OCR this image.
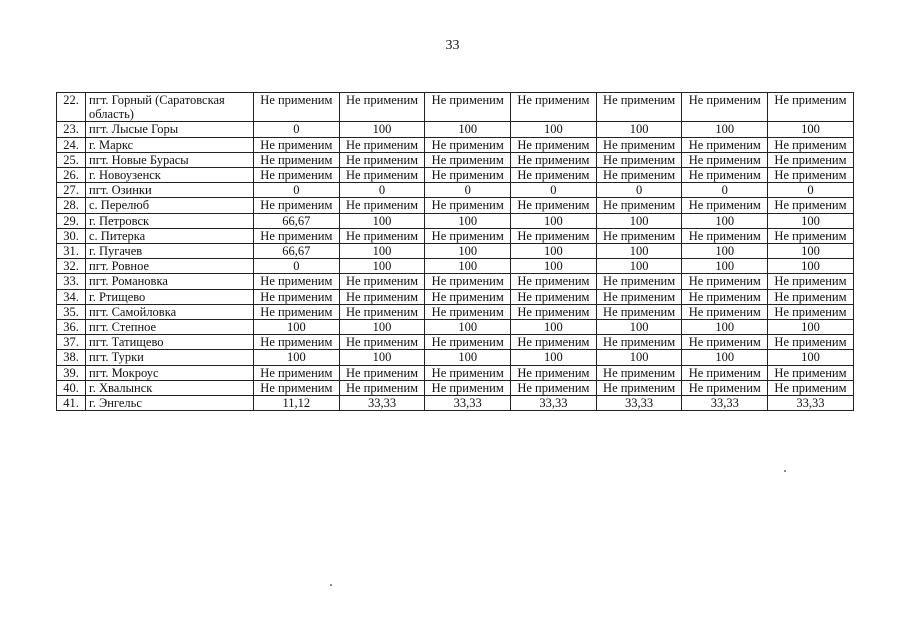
33
22.	пгт. Горный (Саратовская область)	Не применим	Не применим	Не применим	Не применим	Не применим	Не применим	Не применим
23.	пгт. Лысые Горы	0	100	100	100	100	100	100
24.	г. Маркс	Не применим	Не применим	Не применим	Не применим	Не применим	Не применим	Не применим
25.	пгт. Новые Бурасы	Не применим	Не применим	Не применим	Не применим	Не применим	Не применим	Не применим
26.	г. Новоузенск	Не применим	Не применим	Не применим	Не применим	Не применим	Не применим	Не применим
27.	пгт. Озинки	0	0	0	0	0	0	0
28.	с. Перелюб	Не применим	Не применим	Не применим	Не применим	Не применим	Не применим	Не применим
29.	г. Петровск	66,67	100	100	100	100	100	100
30.	с. Питерка	Не применим	Не применим	Не применим	Не применим	Не применим	Не применим	Не применим
31.	г. Пугачев	66,67	100	100	100	100	100	100
32.	пгт. Ровное	0	100	100	100	100	100	100
33.	пгт. Романовка	Не применим	Не применим	Не применим	Не применим	Не применим	Не применим	Не применим
34.	г. Ртищево	Не применим	Не применим	Не применим	Не применим	Не применим	Не применим	Не применим
35.	пгт. Самойловка	Не применим	Не применим	Не применим	Не применим	Не применим	Не применим	Не применим
36.	пгт. Степное	100	100	100	100	100	100	100
37.	пгт. Татищево	Не применим	Не применим	Не применим	Не применим	Не применим	Не применим	Не применим
38.	пгт. Турки	100	100	100	100	100	100	100
39.	пгт. Мокроус	Не применим	Не применим	Не применим	Не применим	Не применим	Не применим	Не применим
40.	г. Хвалынск	Не применим	Не применим	Не применим	Не применим	Не применим	Не применим	Не применим
41.	г. Энгельс	11,12	33,33	33,33	33,33	33,33	33,33	33,33
